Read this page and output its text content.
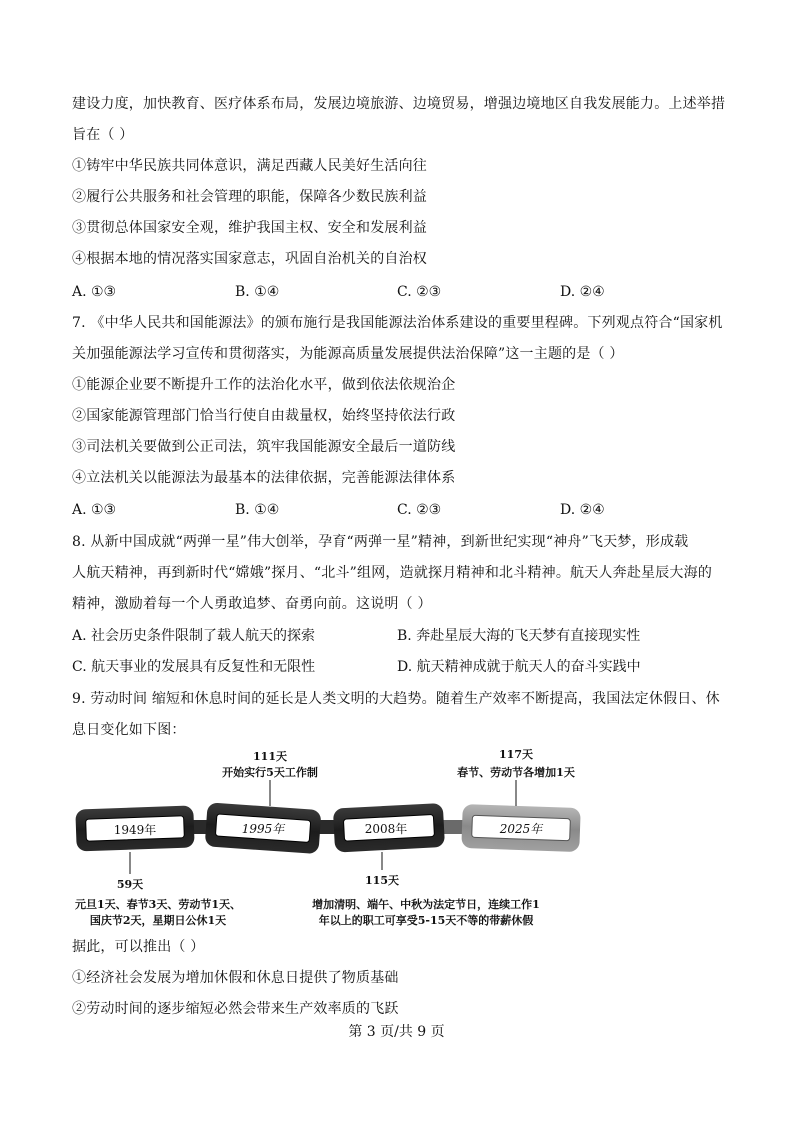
建设力度，加快教育、医疗体系布局，发展边境旅游、边境贸易，增强边境地区自我发展能力。上述举措
旨在（ ）
①铸牢中华民族共同体意识，满足西藏人民美好生活向往
②履行公共服务和社会管理的职能，保障各少数民族利益
③贯彻总体国家安全观，维护我国主权、安全和发展利益
④根据本地的情况落实国家意志，巩固自治机关的自治权
A. ①③	B. ①④	C. ②③	D. ②④
7. 《中华人民共和国能源法》的颁布施行是我国能源法治体系建设的重要里程碑。下列观点符合“国家机
关加强能源法学习宣传和贯彻落实，为能源高质量发展提供法治保障”这一主题的是（ ）
①能源企业要不断提升工作的法治化水平，做到依法依规治企
②国家能源管理部门恰当行使自由裁量权，始终坚持依法行政
③司法机关要做到公正司法，筑牢我国能源安全最后一道防线
④立法机关以能源法为最基本的法律依据，完善能源法律体系
A. ①③	B. ①④	C. ②③	D. ②④
8. 从新中国成就“两弹一星”伟大创举，孕育“两弹一星”精神，到新世纪实现“神舟”飞天梦，形成载
人航天精神，再到新时代“嫦娥”探月、“北斗”组网，造就探月精神和北斗精神。航天人奔赴星辰大海的
精神，激励着每一个人勇敢追梦、奋勇向前。这说明（ ）
A. 社会历史条件限制了载人航天的探索	B. 奔赴星辰大海的飞天梦有直接现实性
C. 航天事业的发展具有反复性和无限性	D. 航天精神成就于航天人的奋斗实践中
9. 劳动时间 缩短和休息时间的延长是人类文明的大趋势。随着生产效率不断提高，我国法定休假日、休
息日变化如下图：
1949年	1995年	2008年	2025年
111天
开始实行5天工作制
117天
春节、劳动节各增加1天
59天
元旦1天、春节3天、劳动节1天、
国庆节2天，星期日公休1天
115天
增加清明、端午、中秋为法定节日，连续工作1
年以上的职工可享受5-15天不等的带薪休假
据此，可以推出（ ）
①经济社会发展为增加休假和休息日提供了物质基础
②劳动时间的逐步缩短必然会带来生产效率质的飞跃
第 3 页/共 9 页
